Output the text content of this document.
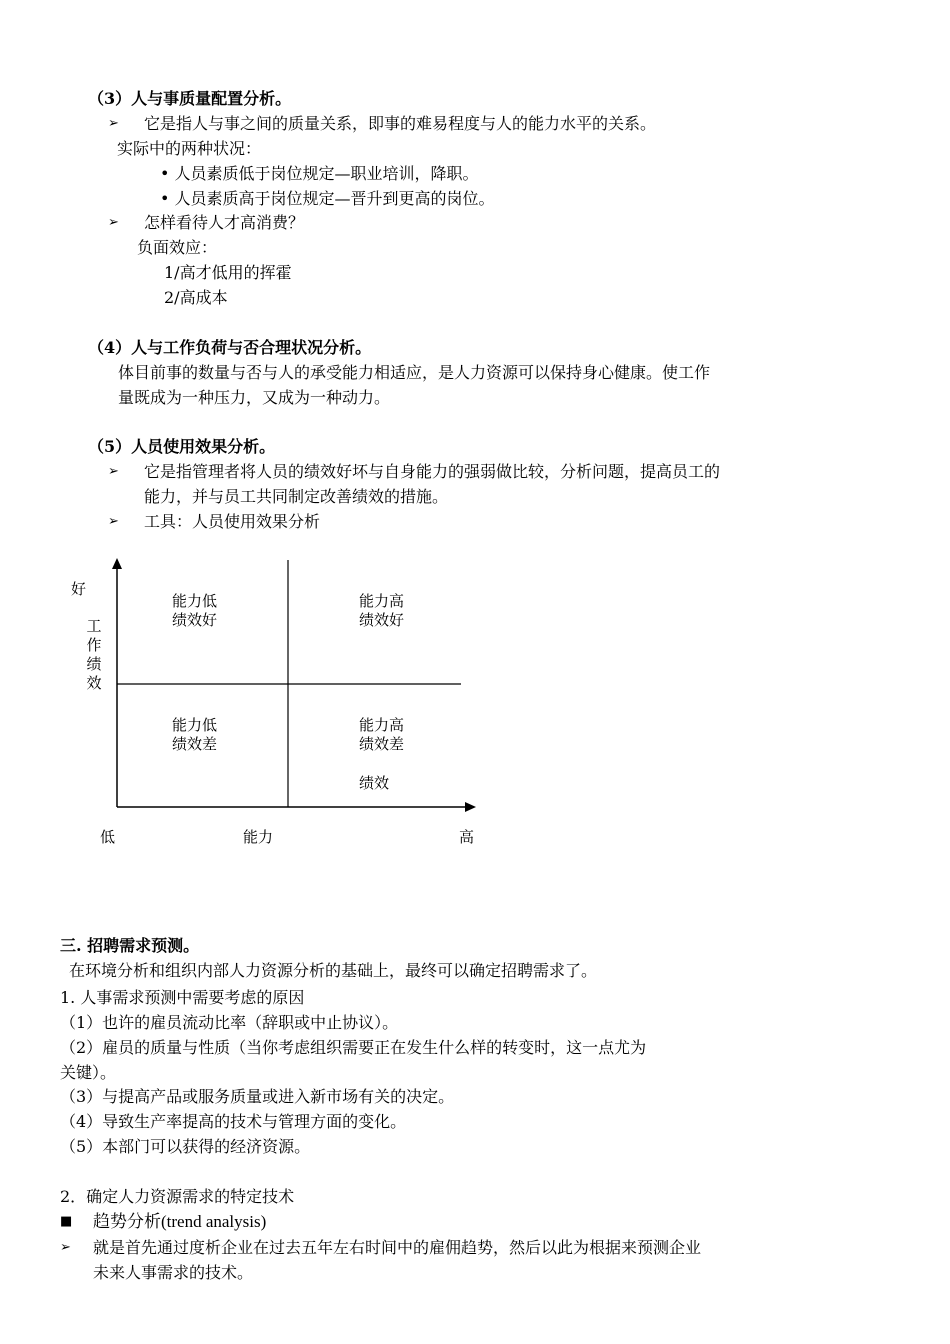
（3）人与事质量配置分析。
➢ 它是指人与事之间的质量关系，即事的难易程度与人的能力水平的关系。
实际中的两种状况：
• 人员素质低于岗位规定—职业培训，降职。
• 人员素质高于岗位规定—晋升到更高的岗位。
➢ 怎样看待人才高消费？
负面效应：
1/高才低用的挥霍
2/高成本
（4）人与工作负荷与否合理状况分析。
体目前事的数量与否与人的承受能力相适应，是人力资源可以保持身心健康。使工作
量既成为一种压力，又成为一种动力。
（5）人员使用效果分析。
➢ 它是指管理者将人员的绩效好坏与自身能力的强弱做比较，分析问题，提高员工的
能力，并与员工共同制定改善绩效的措施。
➢ 工具：人员使用效果分析
好
工
作
绩
效
能力低
绩效好
能力高
绩效好
能力低
绩效差
能力高
绩效差
绩效
低	能力	高
三. 招聘需求预测。
在环境分析和组织内部人力资源分析的基础上，最终可以确定招聘需求了。
1. 人事需求预测中需要考虑的原因
（1）也许的雇员流动比率（辞职或中止协议）。
（2）雇员的质量与性质（当你考虑组织需要正在发生什么样的转变时，这一点尤为
关键）。
（3）与提高产品或服务质量或进入新市场有关的决定。
（4）导致生产率提高的技术与管理方面的变化。
（5）本部门可以获得的经济资源。
2．确定人力资源需求的特定技术
■ 趋势分析(trend analysis)
➢ 就是首先通过度析企业在过去五年左右时间中的雇佣趋势，然后以此为根据来预测企业
未来人事需求的技术。
